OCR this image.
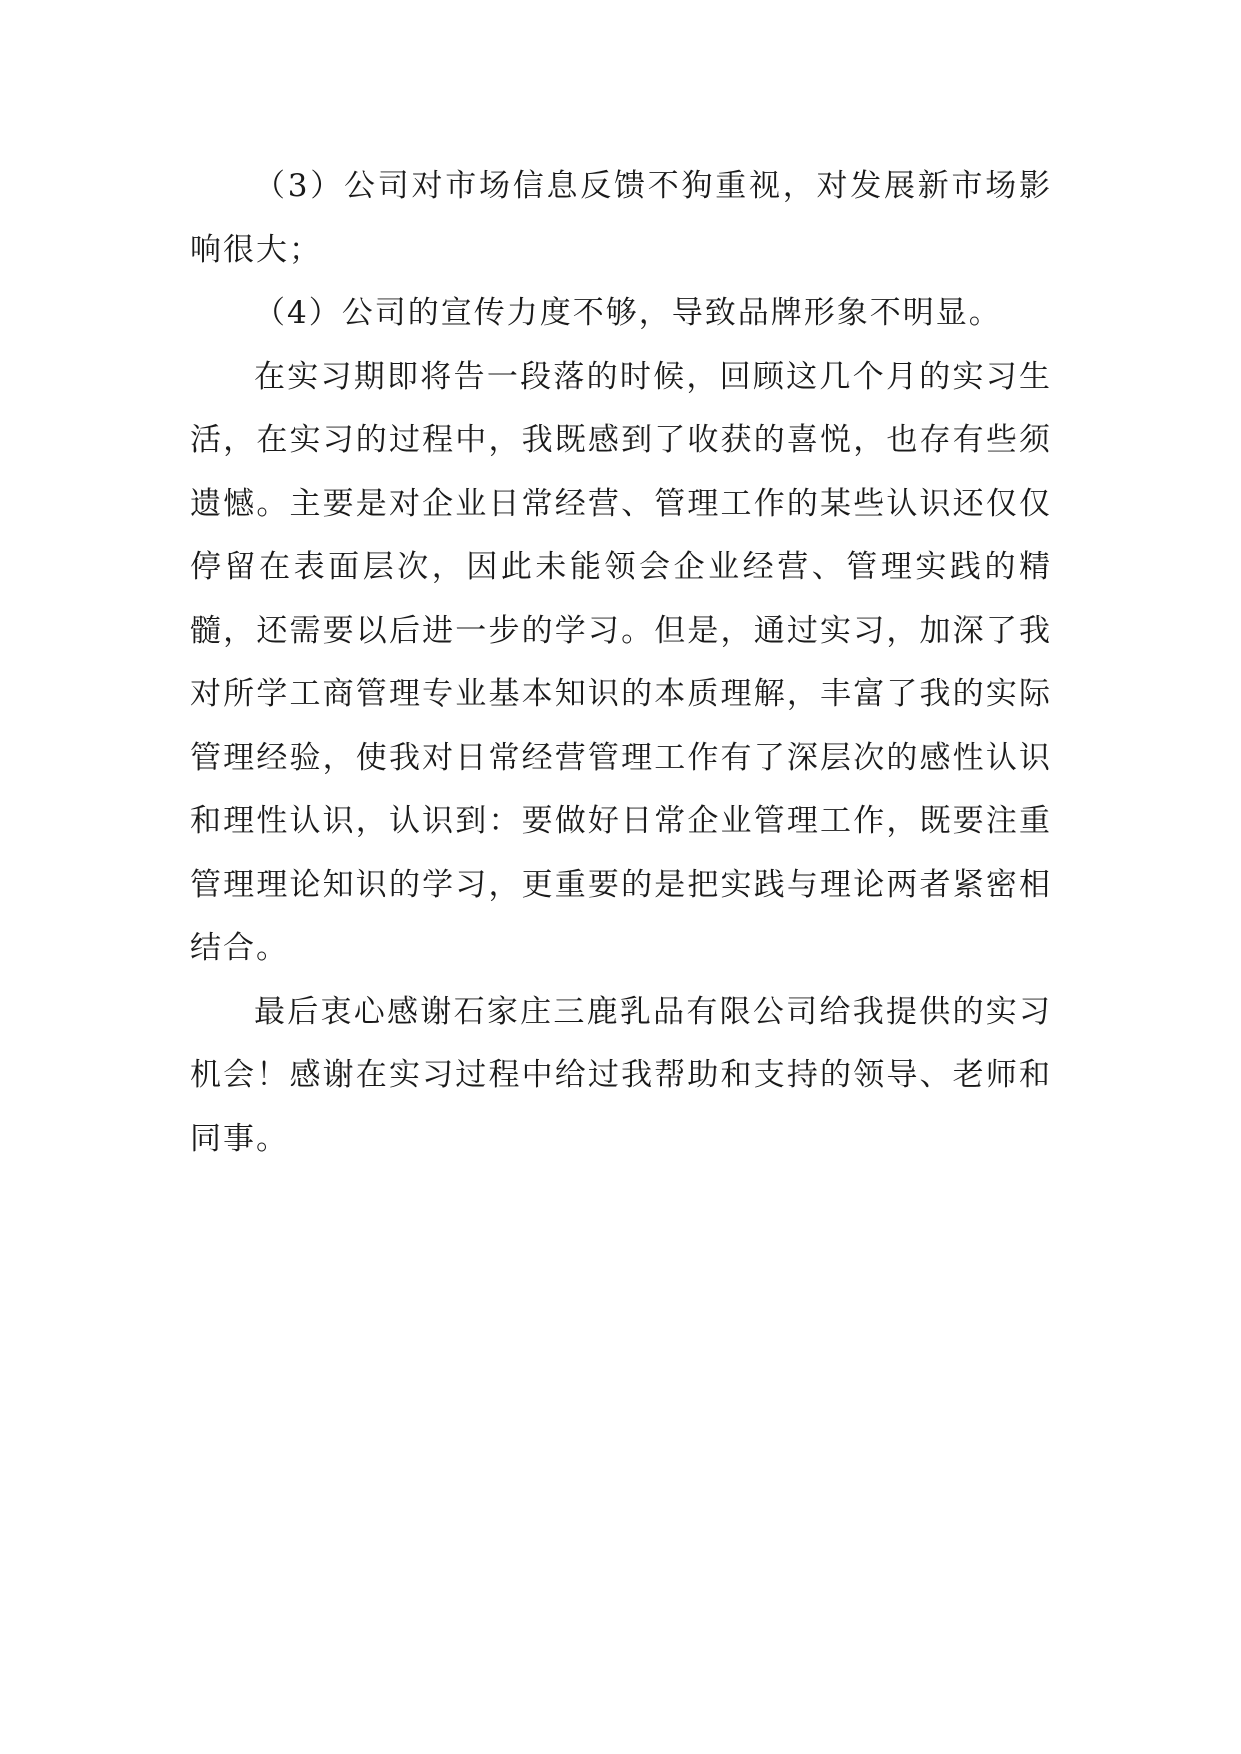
（3）公司对市场信息反馈不狗重视，对发展新市场影响很大；

（4）公司的宣传力度不够，导致品牌形象不明显。

在实习期即将告一段落的时候，回顾这几个月的实习生活，在实习的过程中，我既感到了收获的喜悦，也存有些须遗憾。主要是对企业日常经营、管理工作的某些认识还仅仅停留在表面层次，因此未能领会企业经营、管理实践的精髓，还需要以后进一步的学习。但是，通过实习，加深了我对所学工商管理专业基本知识的本质理解，丰富了我的实际管理经验，使我对日常经营管理工作有了深层次的感性认识和理性认识，认识到：要做好日常企业管理工作，既要注重管理理论知识的学习，更重要的是把实践与理论两者紧密相结合。

最后衷心感谢石家庄三鹿乳品有限公司给我提供的实习机会！感谢在实习过程中给过我帮助和支持的领导、老师和同事。
